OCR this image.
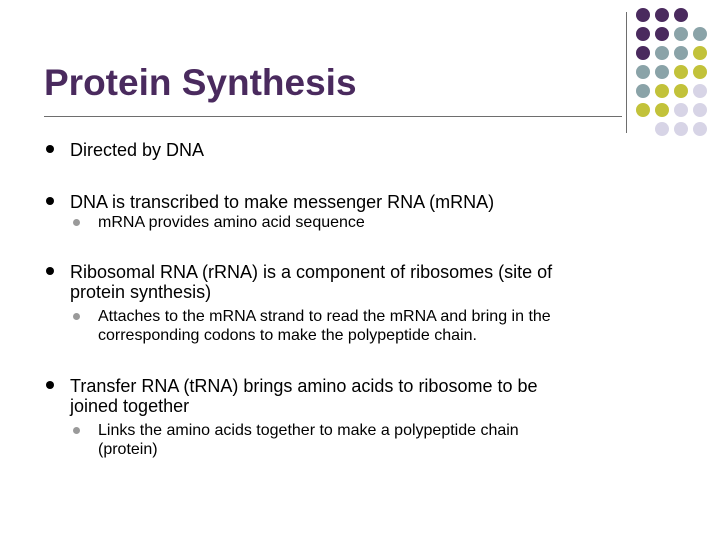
Protein Synthesis
Directed by DNA
DNA is transcribed to make messenger RNA (mRNA)
mRNA provides amino acid sequence
Ribosomal RNA (rRNA) is a component of ribosomes (site of
protein synthesis)
Attaches to the mRNA strand to read the mRNA and bring in the
corresponding codons to make the polypeptide chain.
Transfer RNA (tRNA) brings amino acids to ribosome to be
joined together
Links the amino acids together to make a polypeptide chain
(protein)
